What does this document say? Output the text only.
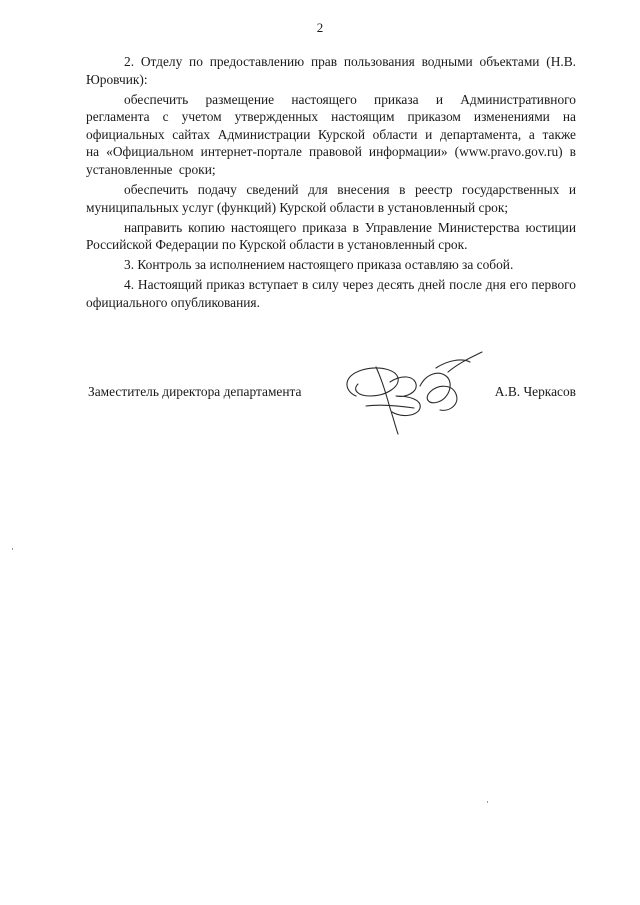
2

2. Отделу по предоставлению прав пользования водными объектами (Н.В. Юровчик):

обеспечить размещение настоящего приказа и Административного регламента с учетом утвержденных настоящим приказом изменениями на официальных сайтах Администрации Курской области и департамента, а также на «Официальном интернет-портале правовой информации» (www.pravo.gov.ru) в установленные сроки;

обеспечить подачу сведений для внесения в реестр государственных и муниципальных услуг (функций) Курской области в установленный срок;

направить копию настоящего приказа в Управление Министерства юстиции Российской Федерации по Курской области в установленный срок.

3. Контроль за исполнением настоящего приказа оставляю за собой.

4. Настоящий приказ вступает в силу через десять дней после дня его первого официального опубликования.

Заместитель директора департамента	А.В. Черкасов
